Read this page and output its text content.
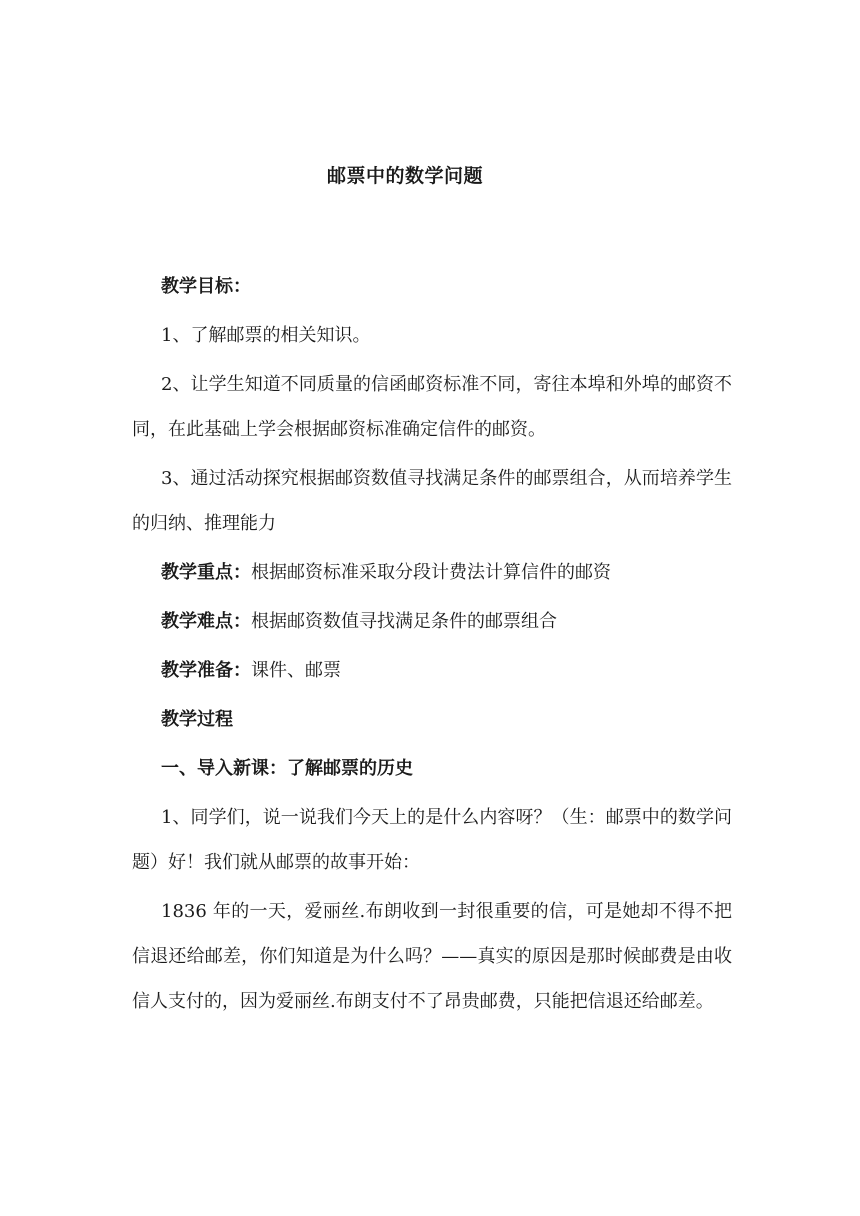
邮票中的数学问题

教学目标：

1、了解邮票的相关知识。

2、让学生知道不同质量的信函邮资标准不同，寄往本埠和外埠的邮资不同，在此基础上学会根据邮资标准确定信件的邮资。

3、通过活动探究根据邮资数值寻找满足条件的邮票组合，从而培养学生的归纳、推理能力

教学重点：根据邮资标准采取分段计费法计算信件的邮资

教学难点：根据邮资数值寻找满足条件的邮票组合

教学准备：课件、邮票

教学过程

一、导入新课：了解邮票的历史

1、同学们，说一说我们今天上的是什么内容呀？（生：邮票中的数学问题）好！我们就从邮票的故事开始：

1836 年的一天，爱丽丝.布朗收到一封很重要的信，可是她却不得不把信退还给邮差，你们知道是为什么吗？——真实的原因是那时候邮费是由收信人支付的，因为爱丽丝.布朗支付不了昂贵邮费，只能把信退还给邮差。
